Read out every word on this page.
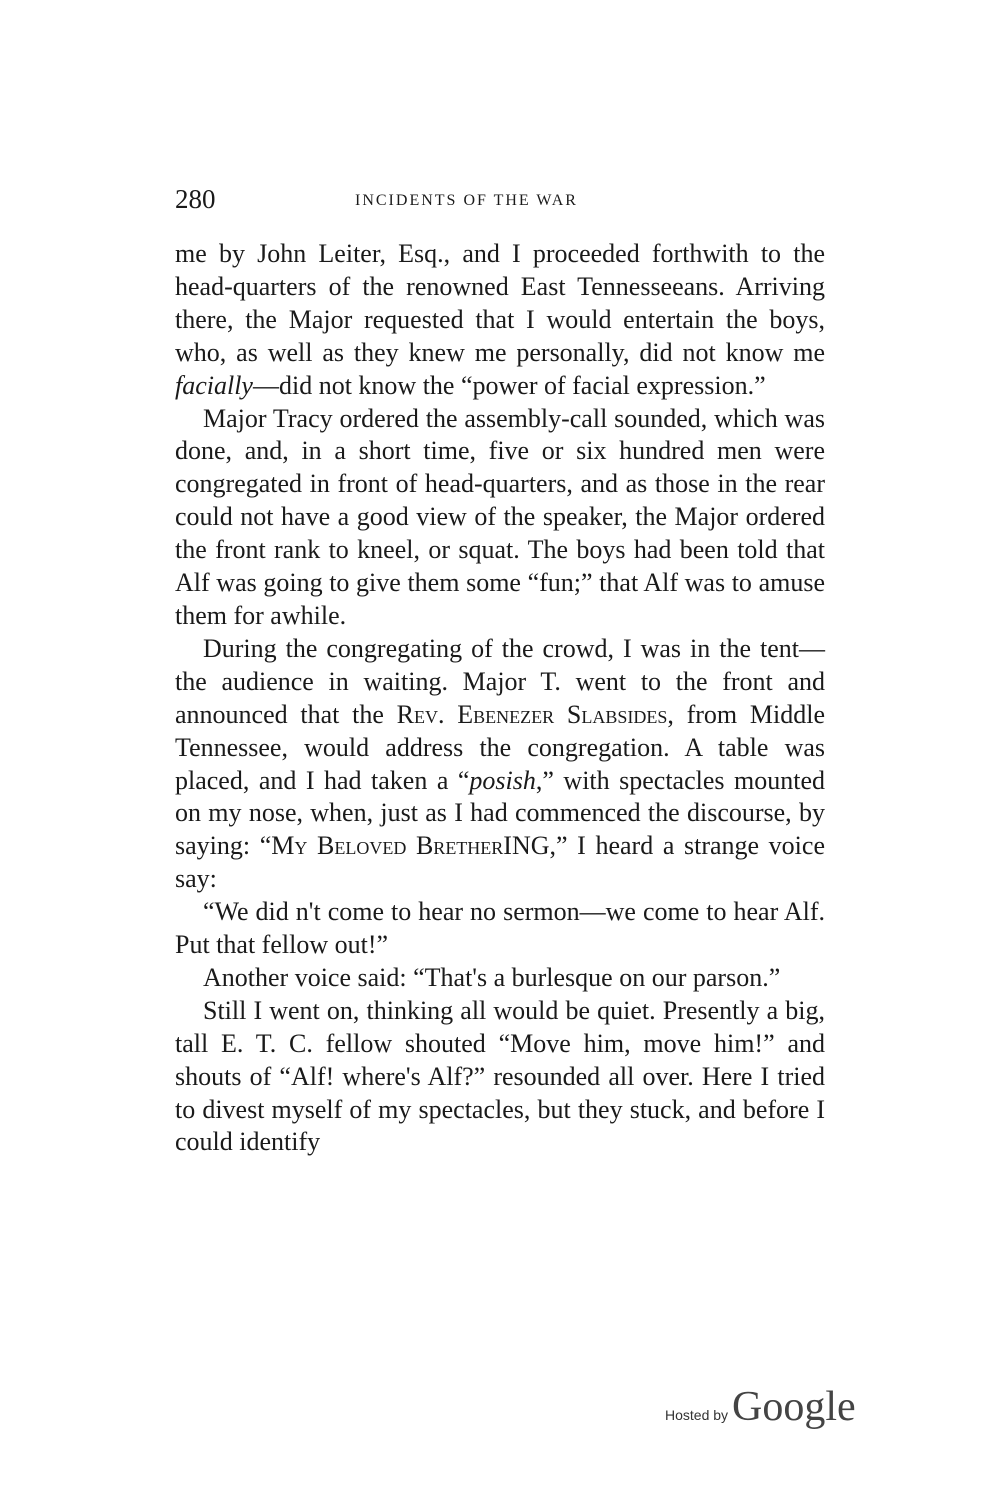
280	INCIDENTS OF THE WAR

me by John Leiter, Esq., and I proceeded forthwith to the head-quarters of the renowned East Tennesseeans. Arriving there, the Major requested that I would entertain the boys, who, as well as they knew me personally, did not know me facially—did not know the “power of facial expression.”

Major Tracy ordered the assembly-call sounded, which was done, and, in a short time, five or six hundred men were congregated in front of head-quarters, and as those in the rear could not have a good view of the speaker, the Major ordered the front rank to kneel, or squat. The boys had been told that Alf was going to give them some “fun;” that Alf was to amuse them for awhile.

During the congregating of the crowd, I was in the tent—the audience in waiting. Major T. went to the front and announced that the Rev. Ebenezer Slabsides, from Middle Tennessee, would address the congregation. A table was placed, and I had taken a “posish,” with spectacles mounted on my nose, when, just as I had commenced the discourse, by saying: “My Beloved BretherING,” I heard a strange voice say:

“We did n't come to hear no sermon—we come to hear Alf. Put that fellow out!”

Another voice said: “That's a burlesque on our parson.”

Still I went on, thinking all would be quiet. Presently a big, tall E. T. C. fellow shouted “Move him, move him!” and shouts of “Alf! where's Alf?” resounded all over. Here I tried to divest myself of my spectacles, but they stuck, and before I could identify

Hosted by Google
